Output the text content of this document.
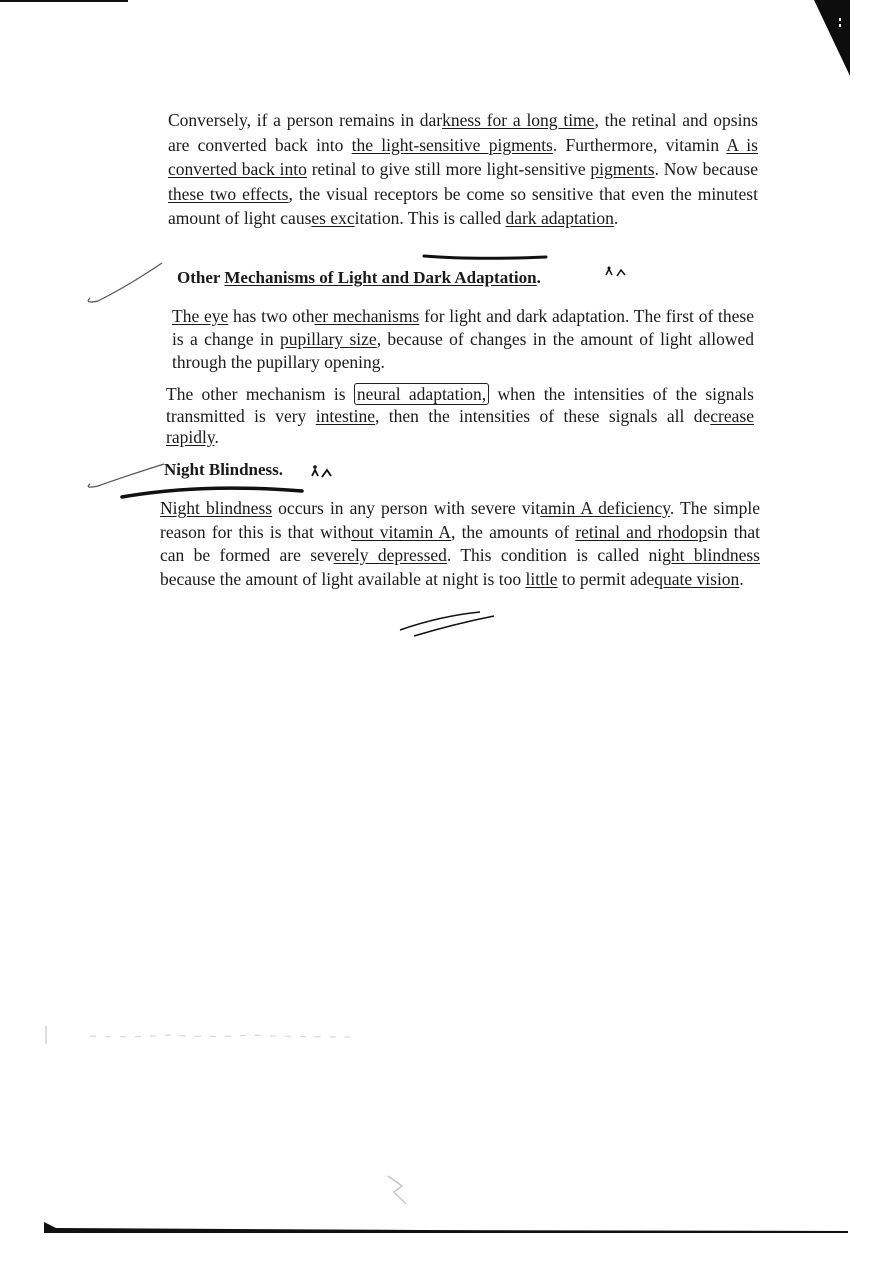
Conversely, if a person remains in darkness for a long time, the retinal and opsins are converted back into the light-sensitive pigments. Furthermore, vitamin A is converted back into retinal to give still more light-sensitive pigments. Now because these two effects, the visual receptors be come so sensitive that even the minutest amount of light causes excitation. This is called dark adaptation.

Other Mechanisms of Light and Dark Adaptation.

The eye has two other mechanisms for light and dark adaptation. The first of these is a change in pupillary size, because of changes in the amount of light allowed through the pupillary opening.

The other mechanism is neural adaptation, when the intensities of the signals transmitted is very intestine, then the intensities of these signals all decrease rapidly.

Night Blindness.

Night blindness occurs in any person with severe vitamin A deficiency. The simple reason for this is that without vitamin A, the amounts of retinal and rhodopsin that can be formed are severely depressed. This condition is called night blindness because the amount of light available at night is too little to permit adequate vision.
